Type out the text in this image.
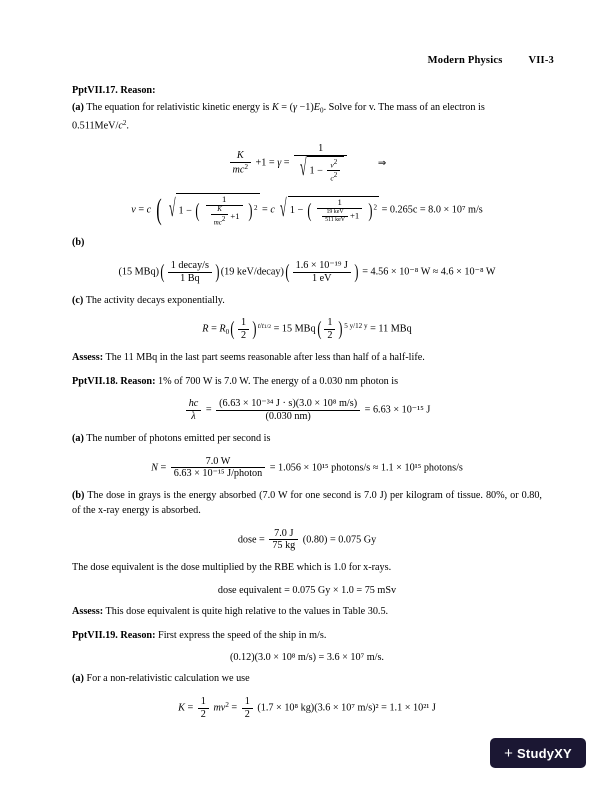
Modern Physics VII-3

PptVII.17. Reason:

(a) The equation for relativistic kinetic energy is $K = (\gamma -1)E_0$. Solve for v. The mass of an electron is

$0.511MeV/c^2$.

$\frac{K}{mc^2} +1 = \gamma = \frac{1}{√ 1 - \frac{v2}{c2}}$	⇒
v = c ( √ 1 − ( $\frac{1}{\frac{K}{mc2} +1} )^2 = c$ √ 1 − ( $\frac{1}{\frac{\text{19 keV}}{\text{511 keV}} +1} )^2 = 0.265c = 8.0 \times 10^7$ m/s

(b)

(15 $MBq)( \frac{\text{1 decay/s}}{1 Bq} )(19$ keV/decay)( $\frac{\text{1.6 × 10⁻¹⁹ J}}{1 eV}$ ) = 4.56 × 10⁻⁸ W ≈ 4.6 × 10⁻⁸ W

(c) The activity decays exponentially.

$R = R_0( \frac{1}{2} )^{t/t1/2} = 15$ $MBq( \frac{1}{2} )^{5 y/12 y} = 11$ MBq

Assess: The 11 MBq in the last part seems reasonable after less than half of a half-life.

PptVII.18. Reason: 1% of 700 W is 7.0 W. The energy of a 0.030 nm photon is

$\frac{hc}{\lambda} = \frac{\text{(6.63 × 10⁻³⁴ J · s)(3.0 × 10⁸ m/s)}}{(0.030 nm)} = 6.63 \times 10^{-15}$ J

(a) The number of photons emitted per second is

$N = \frac{7.0 W}{\text{6.63 × 10⁻¹⁵ J/photon}} = 1.056 \times 10^{15}$ photons/s ≈ 1.1 × 10¹⁵ photons/s

(b) The dose in grays is the energy absorbed (7.0 W for one second is 7.0 J) per kilogram of tissue. 80%, or 0.80, of the x-ray energy is absorbed.

dose = $\frac{7.0 J}{75 kg} (0.80) = 0.075$ Gy

The dose equivalent is the dose multiplied by the RBE which is 1.0 for x-rays.

dose equivalent = 0.075 Gy × 1.0 = 75 mSv

Assess: This dose equivalent is quite high relative to the values in Table 30.5.

PptVII.19. Reason: First express the speed of the ship in m/s.

(0.12)(3.0 × 10⁸ m/s) = 3.6 × 10⁷ m/s.

(a) For a non-relativistic calculation we use

$K = \frac{1}{2} mv^2 = \frac{1}{2} (1.7 \times 10^8$ kg)(3.6 × 10⁷ m/s)² = 1.1 × 10²¹ J
+ Study XY
